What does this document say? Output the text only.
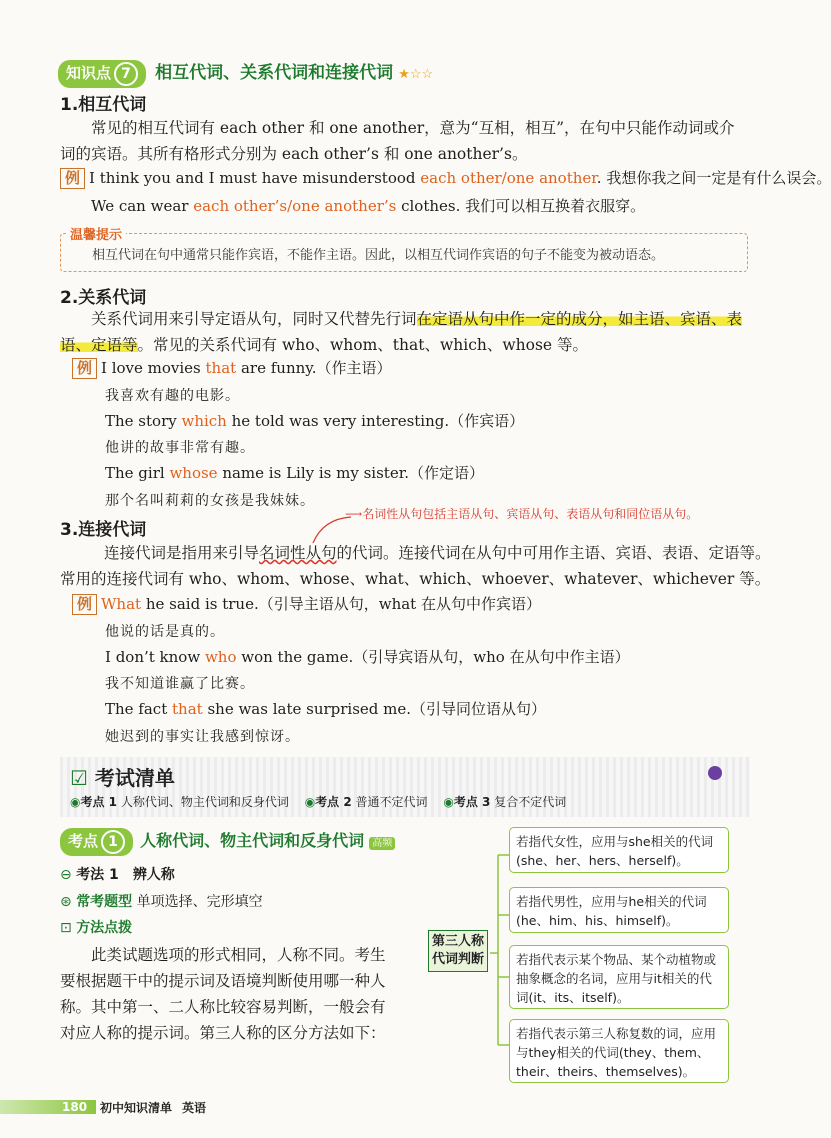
知识点 7 相互代词、关系代词和连接代词 ★☆☆
1.相互代词
常见的相互代词有 each other 和 one another，意为“互相，相互”，在句中只能作动词或介词的宾语。其所有格形式分别为 each other’s 和 one another’s。
例 I think you and I must have misunderstood each other/one another. 我想你我之间一定是有什么误会。
We can wear each other’s/one another’s clothes. 我们可以相互换着衣服穿。
温馨提示
相互代词在句中通常只能作宾语，不能作主语。因此，以相互代词作宾语的句子不能变为被动语态。
2.关系代词
关系代词用来引导定语从句，同时又代替先行词在定语从句中作一定的成分，如主语、宾语、表
语、定语等。常见的关系代词有 who、whom、that、which、whose 等。
例 I love movies that are funny.（作主语）
我喜欢有趣的电影。
The story which he told was very interesting.（作宾语）
他讲的故事非常有趣。
The girl whose name is Lily is my sister.（作定语）
那个名叫莉莉的女孩是我妹妹。
3.连接代词
⟶名词性从句包括主语从句、宾语从句、表语从句和同位语从句。
连接代词是指用来引导名词性从句的代词。连接代词在从句中可用作主语、宾语、表语、定语等。
常用的连接代词有 who、whom、whose、what、which、whoever、whatever、whichever 等。
例 What he said is true.（引导主语从句，what 在从句中作宾语）
他说的话是真的。
I don’t know who won the game.（引导宾语从句，who 在从句中作主语）
我不知道谁赢了比赛。
The fact that she was late surprised me.（引导同位语从句）
她迟到的事实让我感到惊讶。
☑ 考试清单
◉考点 1 人称代词、物主代词和反身代词 ◉考点 2 普通不定代词 ◉考点 3 复合不定代词
考点 1 人称代词、物主代词和反身代词 高频
⊖ 考法 1 辨人称
⊛ 常考题型 单项选择、完形填空
⊡ 方法点拨
此类试题选项的形式相同，人称不同。考生要根据题干中的提示词及语境判断使用哪一种人称。其中第一、二人称比较容易判断，一般会有对应人称的提示词。第三人称的区分方法如下：
第三人称代词判断
若指代女性，应用与she相关的代词(she、her、hers、herself)。
若指代男性，应用与he相关的代词(he、him、his、himself)。
若指代表示某个物品、某个动植物或抽象概念的名词，应用与it相关的代词(it、its、itself)。
若指代表示第三人称复数的词，应用与they相关的代词(they、them、their、theirs、themselves)。
180 初中知识清单 英语
